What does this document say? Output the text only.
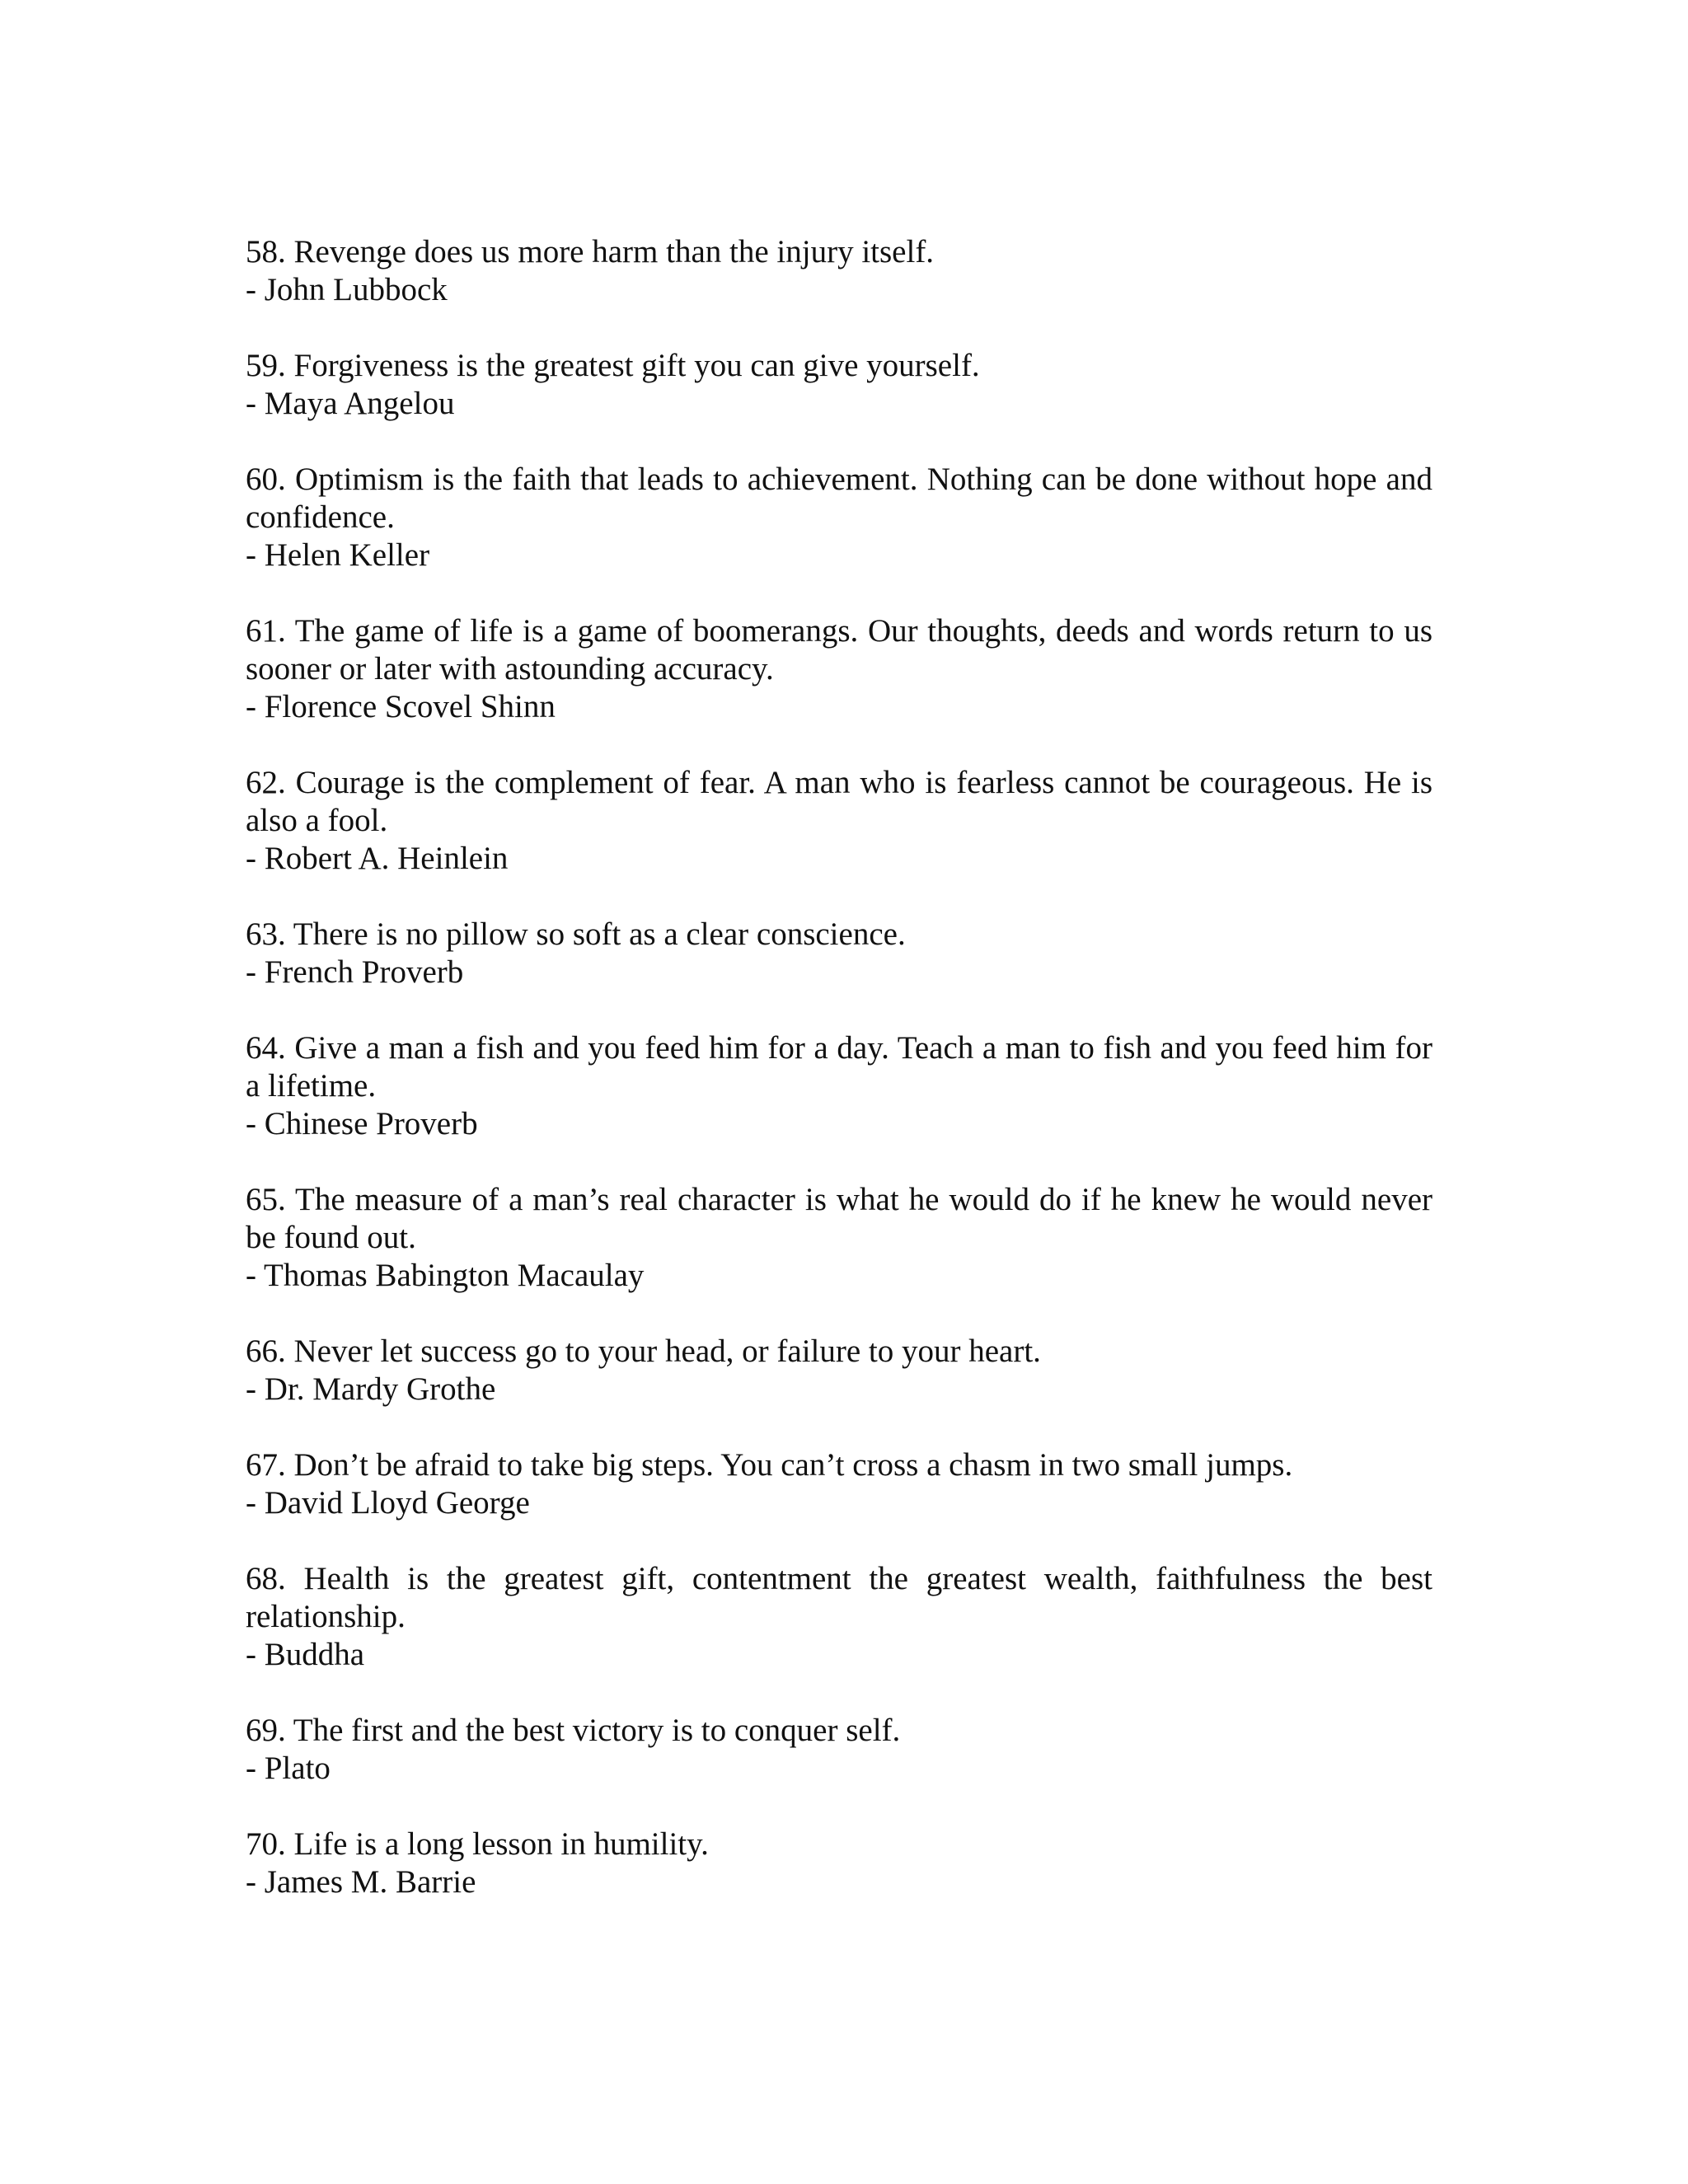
58. Revenge does us more harm than the injury itself.
- John Lubbock
59. Forgiveness is the greatest gift you can give yourself.
- Maya Angelou
60. Optimism is the faith that leads to achievement. Nothing can be done without hope and confidence.
- Helen Keller
61. The game of life is a game of boomerangs. Our thoughts, deeds and words return to us sooner or later with astounding accuracy.
- Florence Scovel Shinn
62. Courage is the complement of fear. A man who is fearless cannot be courageous. He is also a fool.
- Robert A. Heinlein
63. There is no pillow so soft as a clear conscience.
- French Proverb
64. Give a man a fish and you feed him for a day. Teach a man to fish and you feed him for a lifetime.
- Chinese Proverb
65. The measure of a man’s real character is what he would do if he knew he would never be found out.
- Thomas Babington Macaulay
66. Never let success go to your head, or failure to your heart.
- Dr. Mardy Grothe
67. Don’t be afraid to take big steps. You can’t cross a chasm in two small jumps.
- David Lloyd George
68. Health is the greatest gift, contentment the greatest wealth, faithfulness the best relationship.
- Buddha
69. The first and the best victory is to conquer self.
- Plato
70. Life is a long lesson in humility.
- James M. Barrie
